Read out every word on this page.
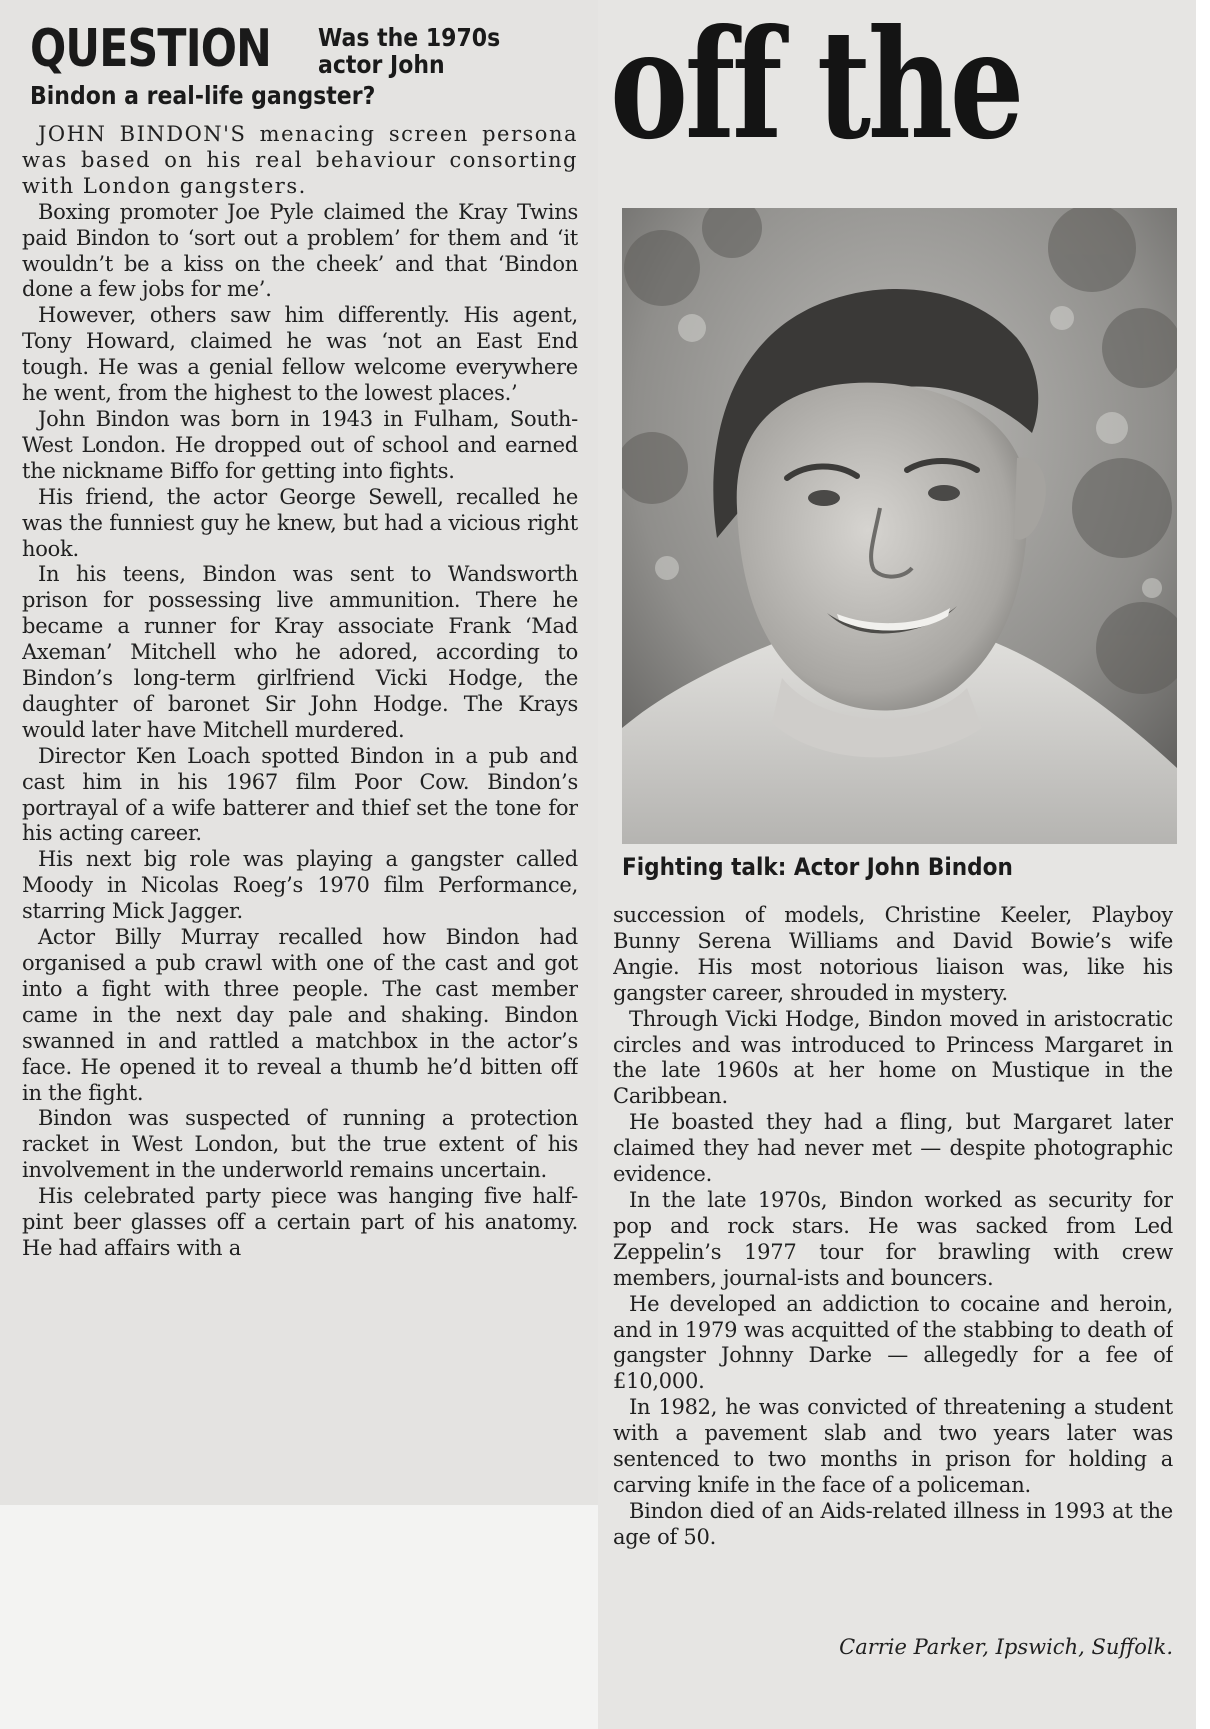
QUESTION Was the 1970s actor John
Bindon a real-life gangster?	off the

JOHN BINDON'S menacing screen persona was based on his real behaviour consorting with London gangsters.

Boxing promoter Joe Pyle claimed the Kray Twins paid Bindon to ‘sort out a problem’ for them and ‘it wouldn’t be a kiss on the cheek’ and that ‘Bindon done a few jobs for me’.

However, others saw him differently. His agent, Tony Howard, claimed he was ‘not an East End tough. He was a genial fellow welcome everywhere he went, from the highest to the lowest places.’

John Bindon was born in 1943 in Fulham, South-West London. He dropped out of school and earned the nickname Biffo for getting into fights.

His friend, the actor George Sewell, recalled he was the funniest guy he knew, but had a vicious right hook.

In his teens, Bindon was sent to Wandsworth prison for possessing live ammunition. There he became a runner for Kray associate Frank ‘Mad Axeman’ Mitchell who he adored, according to Bindon’s long-term girlfriend Vicki Hodge, the daughter of baronet Sir John Hodge. The Krays would later have Mitchell murdered.

Director Ken Loach spotted Bindon in a pub and cast him in his 1967 film Poor Cow. Bindon’s portrayal of a wife batterer and thief set the tone for his acting career.

His next big role was playing a gangster called Moody in Nicolas Roeg’s 1970 film Performance, starring Mick Jagger.

Actor Billy Murray recalled how Bindon had organised a pub crawl with one of the cast and got into a fight with three people. The cast member came in the next day pale and shaking. Bindon swanned in and rattled a matchbox in the actor’s face. He opened it to reveal a thumb he’d bitten off in the fight.

Bindon was suspected of running a protection racket in West London, but the true extent of his involvement in the underworld remains uncertain.

His celebrated party piece was hanging five half-pint beer glasses off a certain part of his anatomy. He had affairs with a

Fighting talk: Actor John Bindon

succession of models, Christine Keeler, Playboy Bunny Serena Williams and David Bowie’s wife Angie. His most notorious liaison was, like his gangster career, shrouded in mystery.

Through Vicki Hodge, Bindon moved in aristocratic circles and was introduced to Princess Margaret in the late 1960s at her home on Mustique in the Caribbean.

He boasted they had a fling, but Margaret later claimed they had never met — despite photographic evidence.

In the late 1970s, Bindon worked as security for pop and rock stars. He was sacked from Led Zeppelin’s 1977 tour for brawling with crew members, journal-ists and bouncers.

He developed an addiction to cocaine and heroin, and in 1979 was acquitted of the stabbing to death of gangster Johnny Darke — allegedly for a fee of £10,000.

In 1982, he was convicted of threatening a student with a pavement slab and two years later was sentenced to two months in prison for holding a carving knife in the face of a policeman.

Bindon died of an Aids-related illness in 1993 at the age of 50.

Carrie Parker, Ipswich, Suffolk.
